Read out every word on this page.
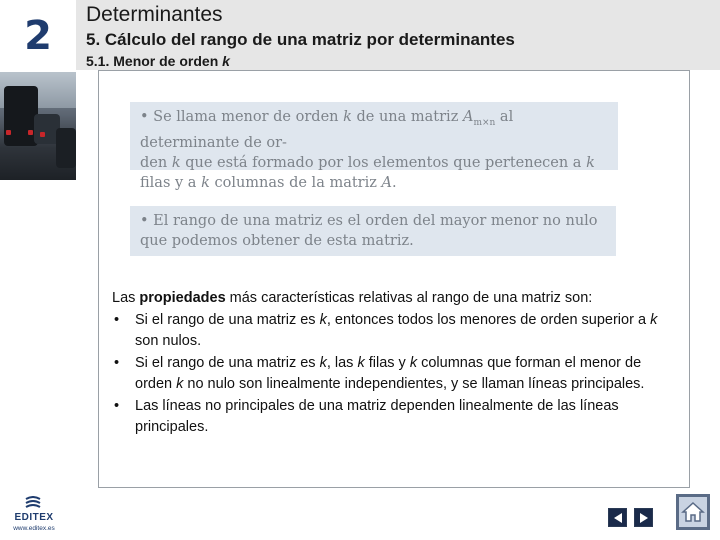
2	Determinantes
5. Cálculo del rango de una matriz por determinantes
5.1. Menor de orden k
• Se llama menor de orden k de una matriz $A_{m\times n}$ al determinante de or-
den k que está formado por los elementos que pertenecen a k filas y a k columnas de la matriz A.
• El rango de una matriz es el orden del mayor menor no nulo que podemos obtener de esta matriz.
Las propiedades más características relativas al rango de una matriz son:
• Si el rango de una matriz es k, entonces todos los menores de orden superior a k son nulos.
• Si el rango de una matriz es k, las k filas y k columnas que forman el menor de orden k no nulo son linealmente independientes, y se llaman líneas principales.
• Las líneas no principales de una matriz dependen linealmente de las líneas principales.
EDITEX
www.editex.es
